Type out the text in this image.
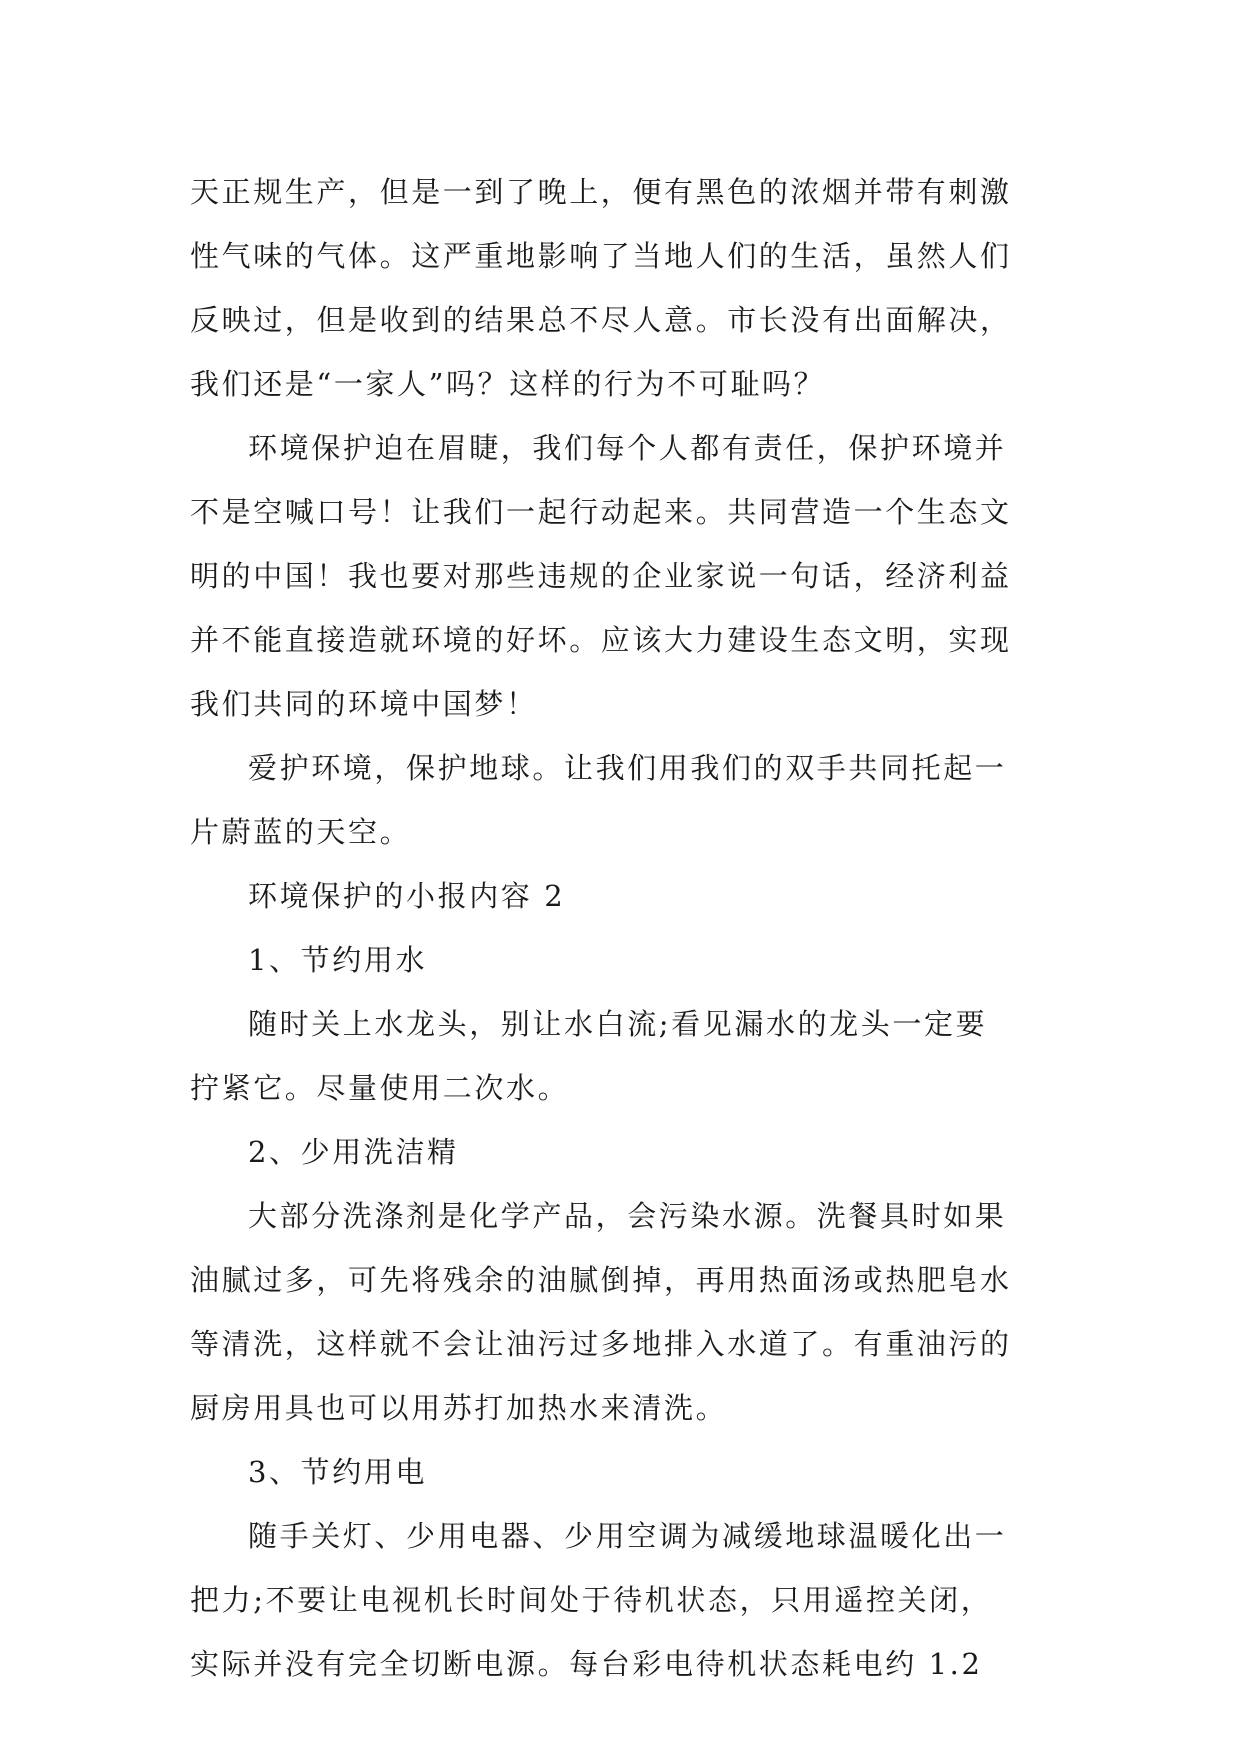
天正规生产，但是一到了晚上，便有黑色的浓烟并带有刺激
性气味的气体。这严重地影响了当地人们的生活，虽然人们
反映过，但是收到的结果总不尽人意。市长没有出面解决，
我们还是“一家人”吗？这样的行为不可耻吗？
环境保护迫在眉睫，我们每个人都有责任，保护环境并
不是空喊口号！让我们一起行动起来。共同营造一个生态文
明的中国！我也要对那些违规的企业家说一句话，经济利益
并不能直接造就环境的好坏。应该大力建设生态文明，实现
我们共同的环境中国梦！
爱护环境，保护地球。让我们用我们的双手共同托起一
片蔚蓝的天空。
环境保护的小报内容 2
1、节约用水
随时关上水龙头，别让水白流;看见漏水的龙头一定要
拧紧它。尽量使用二次水。
2、少用洗洁精
大部分洗涤剂是化学产品，会污染水源。洗餐具时如果
油腻过多，可先将残余的油腻倒掉，再用热面汤或热肥皂水
等清洗，这样就不会让油污过多地排入水道了。有重油污的
厨房用具也可以用苏打加热水来清洗。
3、节约用电
随手关灯、少用电器、少用空调为减缓地球温暖化出一
把力;不要让电视机长时间处于待机状态，只用遥控关闭，
实际并没有完全切断电源。每台彩电待机状态耗电约 1.2
